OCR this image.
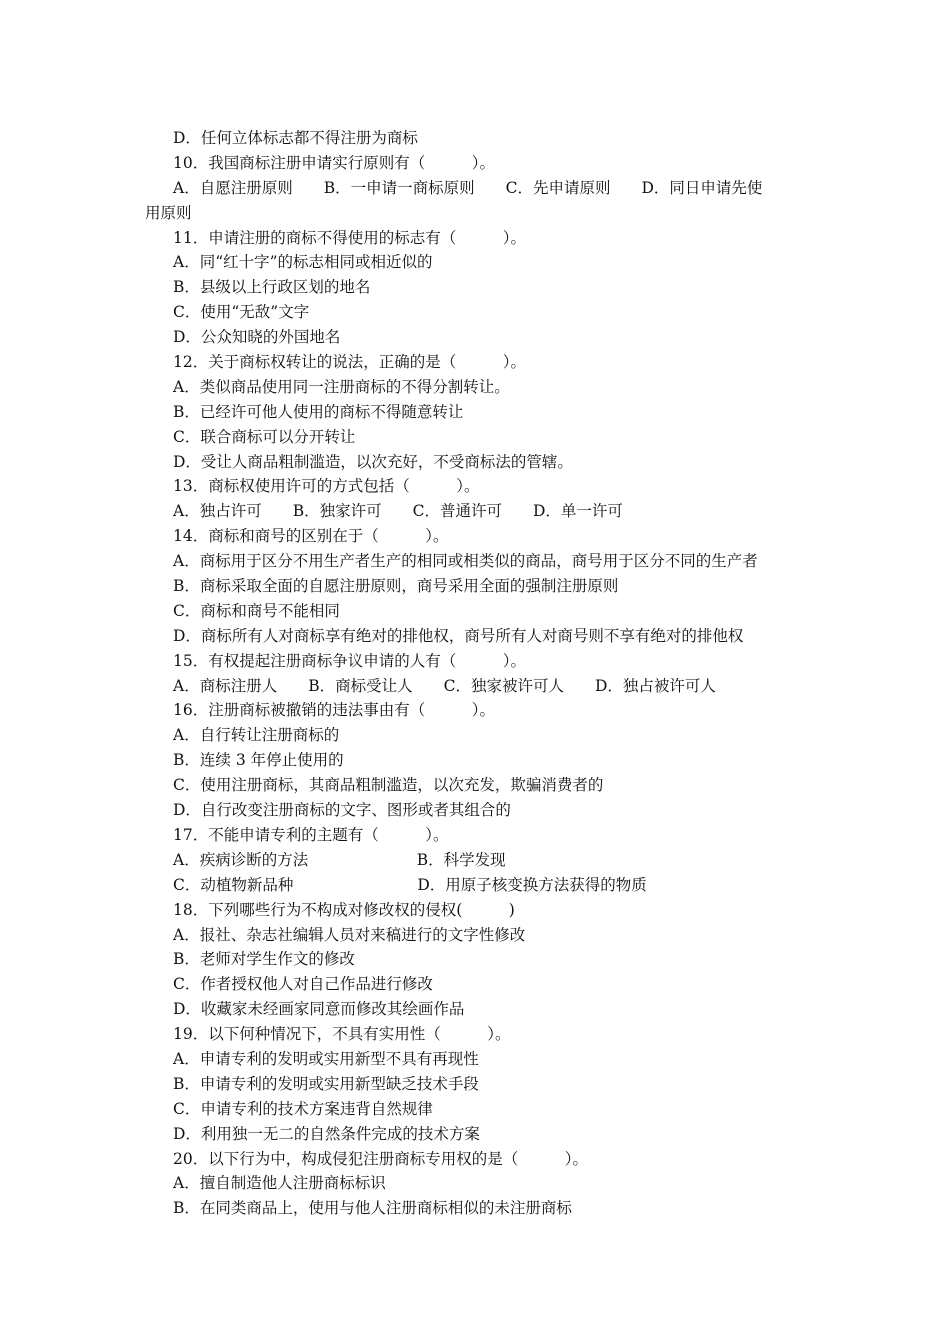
D．任何立体标志都不得注册为商标
10．我国商标注册申请实行原则有（　　　）。
A．自愿注册原则　　B．一申请一商标原则　　C．先申请原则　　D．同日申请先使
用原则
11．申请注册的商标不得使用的标志有（　　　）。
A．同“红十字”的标志相同或相近似的
B．县级以上行政区划的地名
C．使用“无敌”文字
D．公众知晓的外国地名
12．关于商标权转让的说法，正确的是（　　　）。
A．类似商品使用同一注册商标的不得分割转让。
B．已经许可他人使用的商标不得随意转让
C．联合商标可以分开转让
D．受让人商品粗制滥造，以次充好，不受商标法的管辖。
13．商标权使用许可的方式包括（　　　）。
A．独占许可　　B．独家许可　　C．普通许可　　D．单一许可
14．商标和商号的区别在于（　　　）。
A．商标用于区分不用生产者生产的相同或相类似的商品，商号用于区分不同的生产者
B．商标采取全面的自愿注册原则，商号采用全面的强制注册原则
C．商标和商号不能相同
D．商标所有人对商标享有绝对的排他权，商号所有人对商号则不享有绝对的排他权
15．有权提起注册商标争议申请的人有（　　　）。
A．商标注册人　　B．商标受让人　　C．独家被许可人　　D．独占被许可人
16．注册商标被撤销的违法事由有（　　　）。
A．自行转让注册商标的
B．连续 3 年停止使用的
C．使用注册商标，其商品粗制滥造，以次充发，欺骗消费者的
D．自行改变注册商标的文字、图形或者其组合的
17．不能申请专利的主题有（　　　）。
A．疾病诊断的方法　　　　　　　B．科学发现
C．动植物新品种　　　　　　　　D．用原子核变换方法获得的物质
18．下列哪些行为不构成对修改权的侵权(　　　)
A．报社、杂志社编辑人员对来稿进行的文字性修改
B．老师对学生作文的修改
C．作者授权他人对自己作品进行修改
D．收藏家未经画家同意而修改其绘画作品
19．以下何种情况下，不具有实用性（　　　）。
A．申请专利的发明或实用新型不具有再现性
B．申请专利的发明或实用新型缺乏技术手段
C．申请专利的技术方案违背自然规律
D．利用独一无二的自然条件完成的技术方案
20．以下行为中，构成侵犯注册商标专用权的是（　　　）。
A．擅自制造他人注册商标标识
B．在同类商品上，使用与他人注册商标相似的未注册商标
